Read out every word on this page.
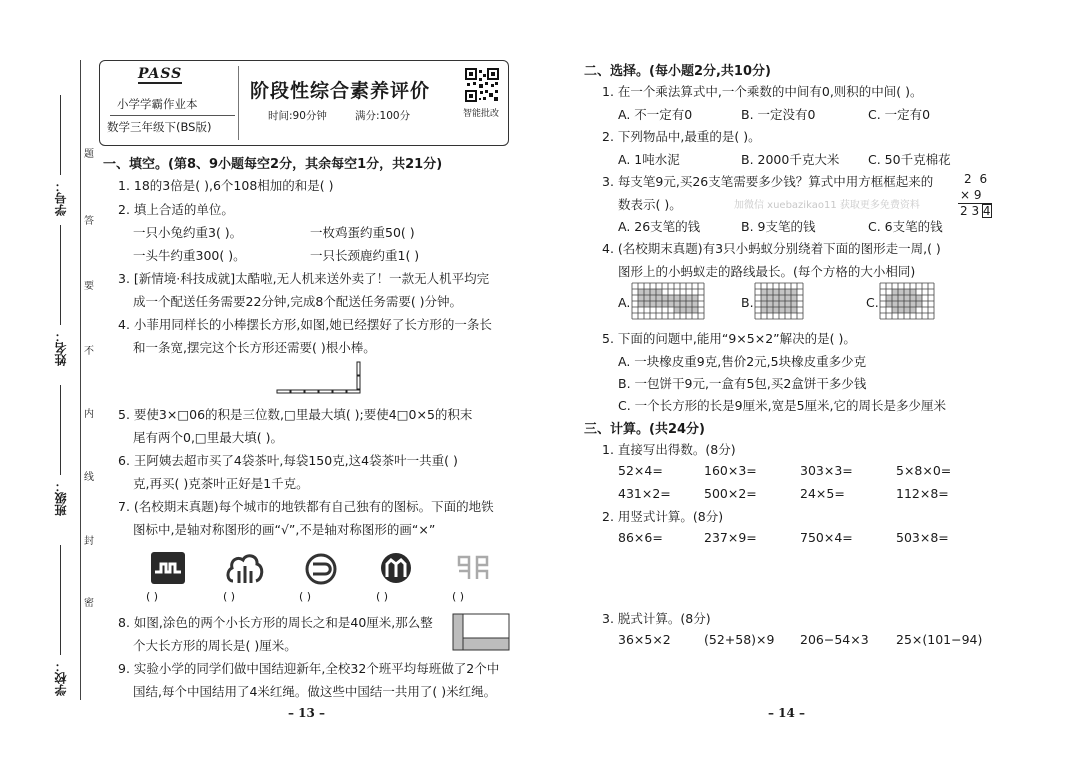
学号：
姓名：
班级：
学校：
题
答
要
不
内
线
封
密
PASS
小学学霸作业本
数学三年级下(BS版)
阶段性综合素养评价
时间:90分钟	满分:100分	智能批改
一、填空。(第8、9小题每空2分，其余每空1分，共21分)
1. 18的3倍是( ),6个108相加的和是( )
2. 填上合适的单位。
一只小兔约重3( )。	一枚鸡蛋约重50( )
一头牛约重300( )。	一只长颈鹿约重1( )
3. [新情境·科技成就]太酷啦,无人机来送外卖了！一款无人机平均完
成一个配送任务需要22分钟,完成8个配送任务需要( )分钟。
4. 小菲用同样长的小棒摆长方形,如图,她已经摆好了长方形的一条长
和一条宽,摆完这个长方形还需要( )根小棒。
5. 要使3×□06的积是三位数,□里最大填( );要使4□0×5的积末
尾有两个0,□里最大填( )。
6. 王阿姨去超市买了4袋茶叶,每袋150克,这4袋茶叶一共重( )
克,再买( )克茶叶正好是1千克。
7. (名校期末真题)每个城市的地铁都有自己独有的图标。下面的地铁
图标中,是轴对称图形的画“√”,不是轴对称图形的画“×”
( )	( )	( )	( )	( )
8. 如图,涂色的两个小长方形的周长之和是40厘米,那么整
个大长方形的周长是( )厘米。
9. 实验小学的同学们做中国结迎新年,全校32个班平均每班做了2个中
国结,每个中国结用了4米红绳。做这些中国结一共用了( )米红绳。
– 13 –
二、选择。(每小题2分,共10分)
1. 在一个乘法算式中,一个乘数的中间有0,则积的中间( )。
A. 不一定有0	B. 一定没有0	C. 一定有0
2. 下列物品中,最重的是( )。
A. 1吨水泥	B. 2000千克大米 C. 50千克棉花
3. 每支笔9元,买26支笔需要多少钱？算式中用方框框起来的
数表示( )。
2 6
× 9
2 3 4
加微信 xuebazikao11 获取更多免费资料
A. 26支笔的钱	B. 9支笔的钱	C. 6支笔的钱
4. (名校期末真题)有3只小蚂蚁分别绕着下面的图形走一周,( )
图形上的小蚂蚁走的路线最长。(每个方格的大小相同)
A.	B.	C.
5. 下面的问题中,能用“9×5×2”解决的是( )。
A. 一块橡皮重9克,售价2元,5块橡皮重多少克
B. 一包饼干9元,一盒有5包,买2盒饼干多少钱
C. 一个长方形的长是9厘米,宽是5厘米,它的周长是多少厘米
三、计算。(共24分)
1. 直接写出得数。(8分)
52×4=	160×3=	303×3=	5×8×0=
431×2=	500×2=	24×5=	112×8=
2. 用竖式计算。(8分)
86×6=	237×9=	750×4=	503×8=
3. 脱式计算。(8分)
36×5×2	(52+58)×9 206−54×3 25×(101−94)
– 14 –
